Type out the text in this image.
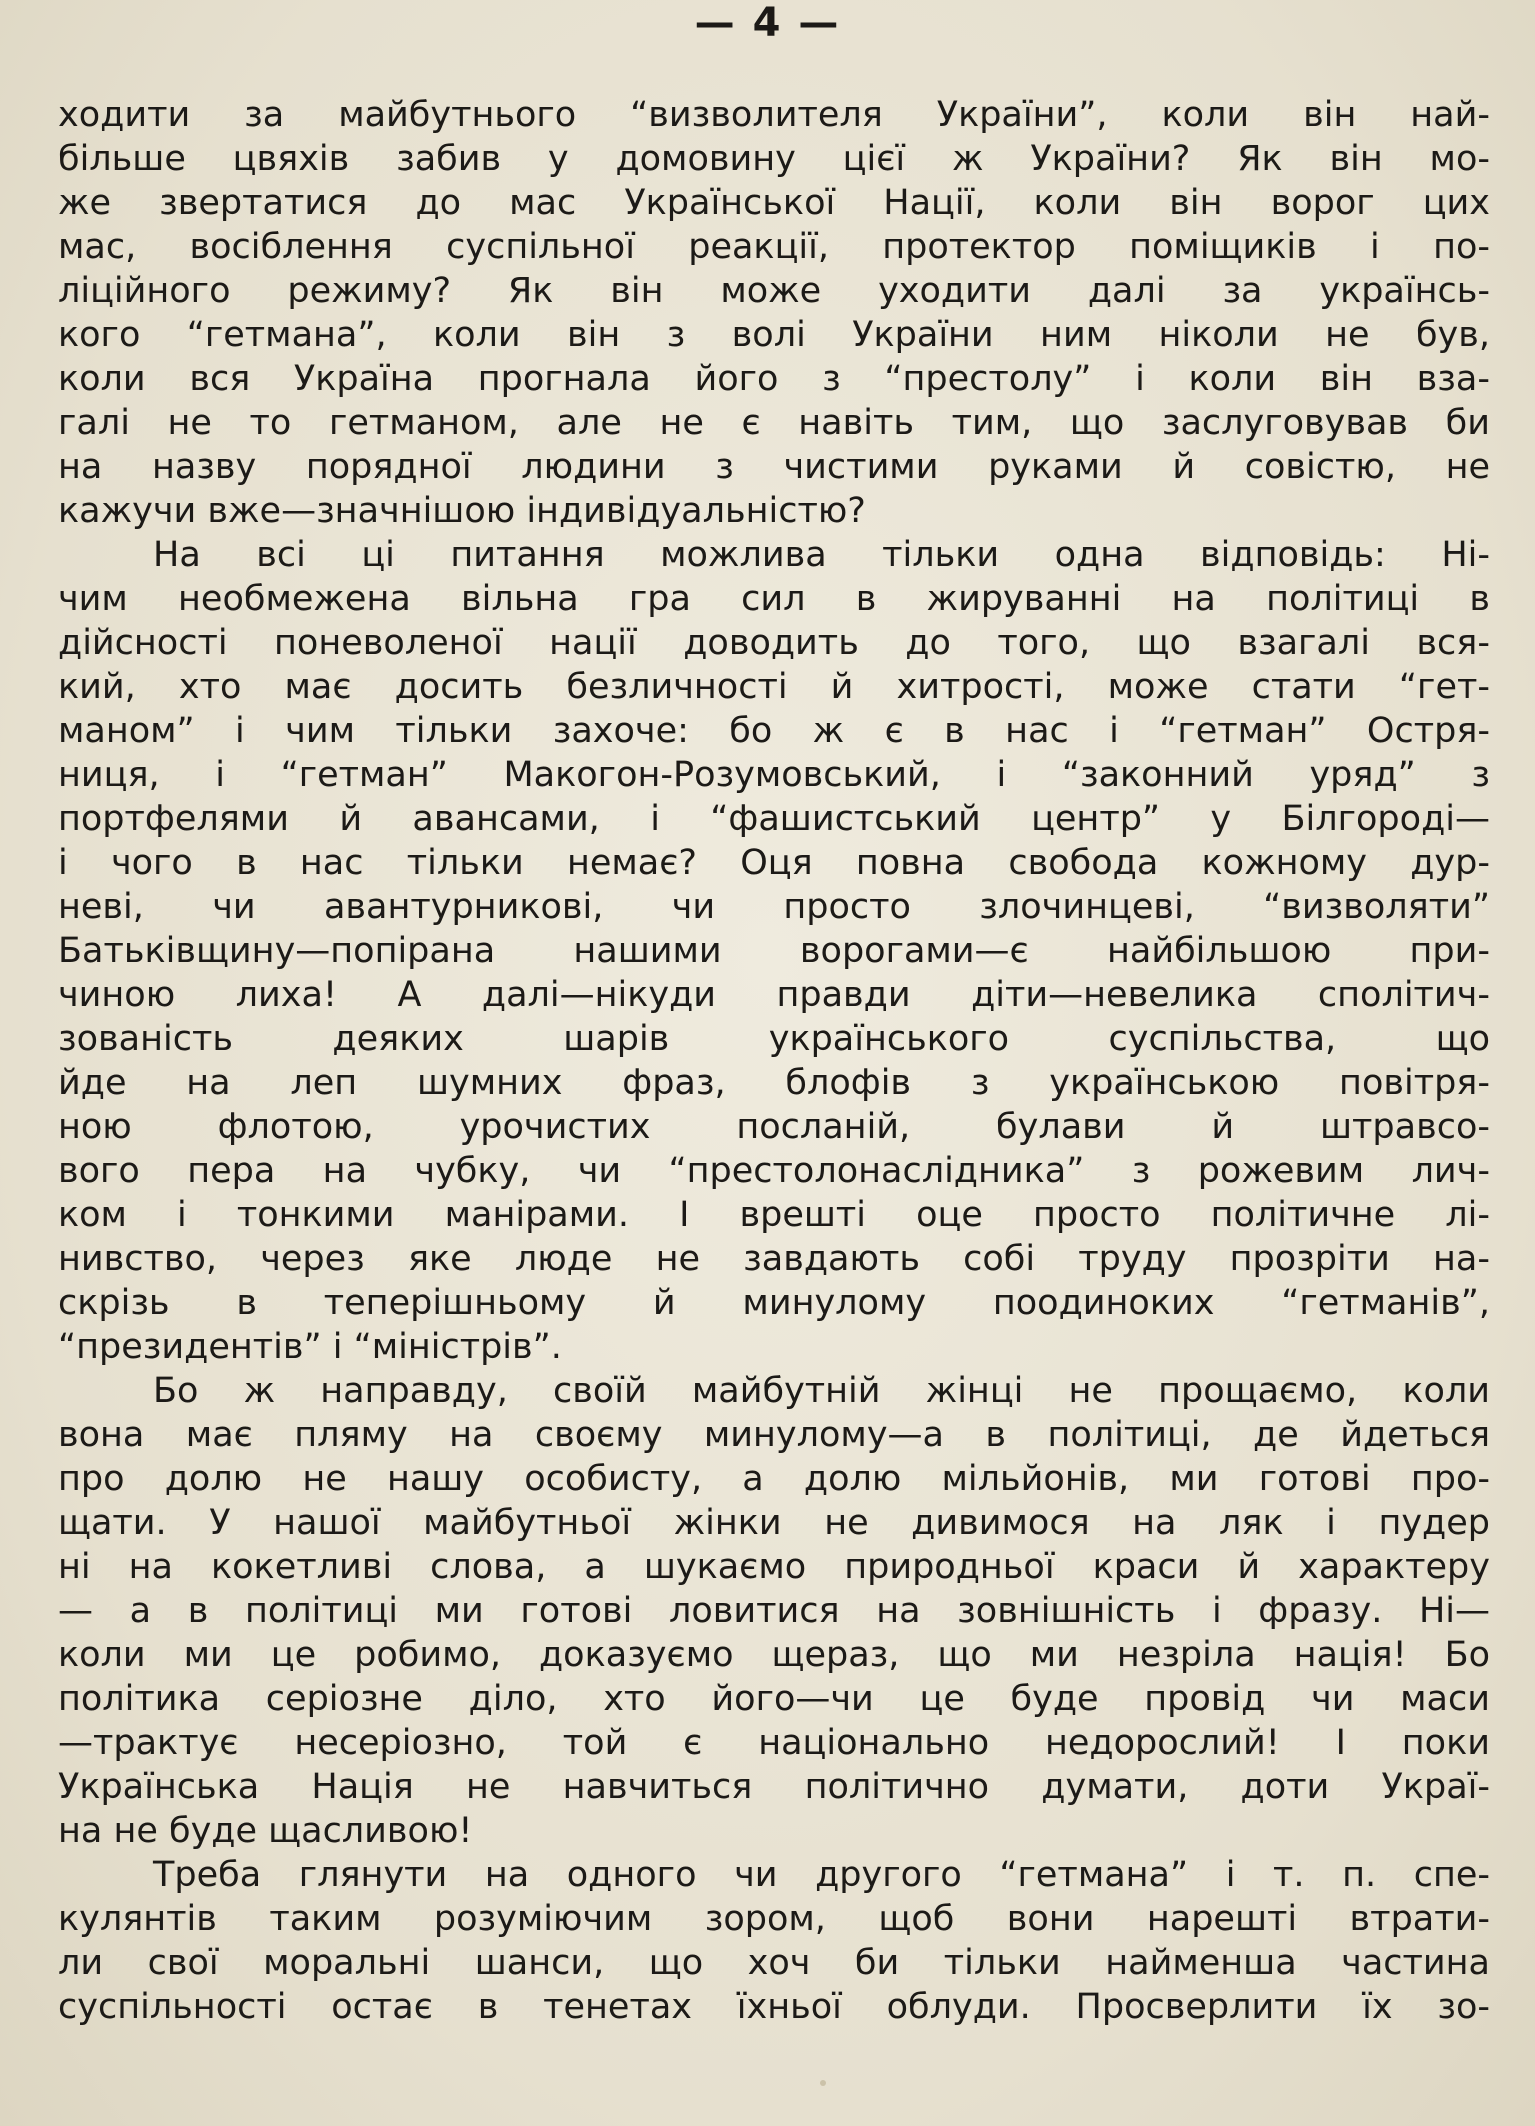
— 4 —
ходити за майбутнього “визволителя України”, коли він най-
більше цвяхів забив у домовину цієї ж України? Як він мо-
же звертатися до мас Української Нації, коли він ворог цих
мас, восіблення суспільної реакції, протектор поміщиків і по-
ліційного режиму? Як він може уходити далі за українсь-
кого “гетмана”, коли він з волі України ним ніколи не був,
коли вся Україна прогнала його з “престолу” і коли він вза-
галі не то гетманом, але не є навіть тим, що заслуговував би
на назву порядної людини з чистими руками й совістю, не
кажучи вже—значнішою індивідуальністю?
На всі ці питання можлива тільки одна відповідь: Ні-
чим необмежена вільна гра сил в жируванні на політиці в
дійсності поневоленої нації доводить до того, що взагалі вся-
кий, хто має досить безличності й хитрості, може стати “гет-
маном” і чим тільки захоче: бо ж є в нас і “гетман” Остря-
ниця, і “гетман” Макогон-Розумовський, і “законний уряд” з
портфелями й авансами, і “фашистський центр” у Білгороді—
і чого в нас тільки немає? Оця повна свобода кожному дур-
неві, чи авантурникові, чи просто злочинцеві, “визволяти”
Батьківщину—попірана нашими ворогами—є найбільшою при-
чиною лиха! А далі—нікуди правди діти—невелика сполітич-
зованість деяких шарів українського суспільства, що
йде на леп шумних фраз, блофів з українською повітря-
ною флотою, урочистих посланій, булави й штравсо-
вого пера на чубку, чи “престолонаслідника” з рожевим лич-
ком і тонкими манірами. І врешті оце просто політичне лі-
нивство, через яке люде не завдають собі труду прозріти на-
скрізь в теперішньому й минулому поодиноких “гетманів”,
“президентів” і “міністрів”.
Бо ж направду, своїй майбутній жінці не прощаємо, коли
вона має пляму на своєму минулому—а в політиці, де йдеться
про долю не нашу особисту, а долю мільйонів, ми готові про-
щати. У нашої майбутньої жінки не дивимося на ляк і пудер
ні на кокетливі слова, а шукаємо природньої краси й характеру
— а в політиці ми готові ловитися на зовнішність і фразу. Ні—
коли ми це робимо, доказуємо щераз, що ми незріла нація! Бо
політика серіозне діло, хто його—чи це буде провід чи маси
—трактує несеріозно, той є національно недорослий! І поки
Українська Нація не навчиться політично думати, доти Украї-
на не буде щасливою!
Треба глянути на одного чи другого “гетмана” і т. п. спе-
кулянтів таким розуміючим зором, щоб вони нарешті втрати-
ли свої моральні шанси, що хоч би тільки найменша частина
суспільності остає в тенетах їхньої облуди. Просверлити їх зо-
